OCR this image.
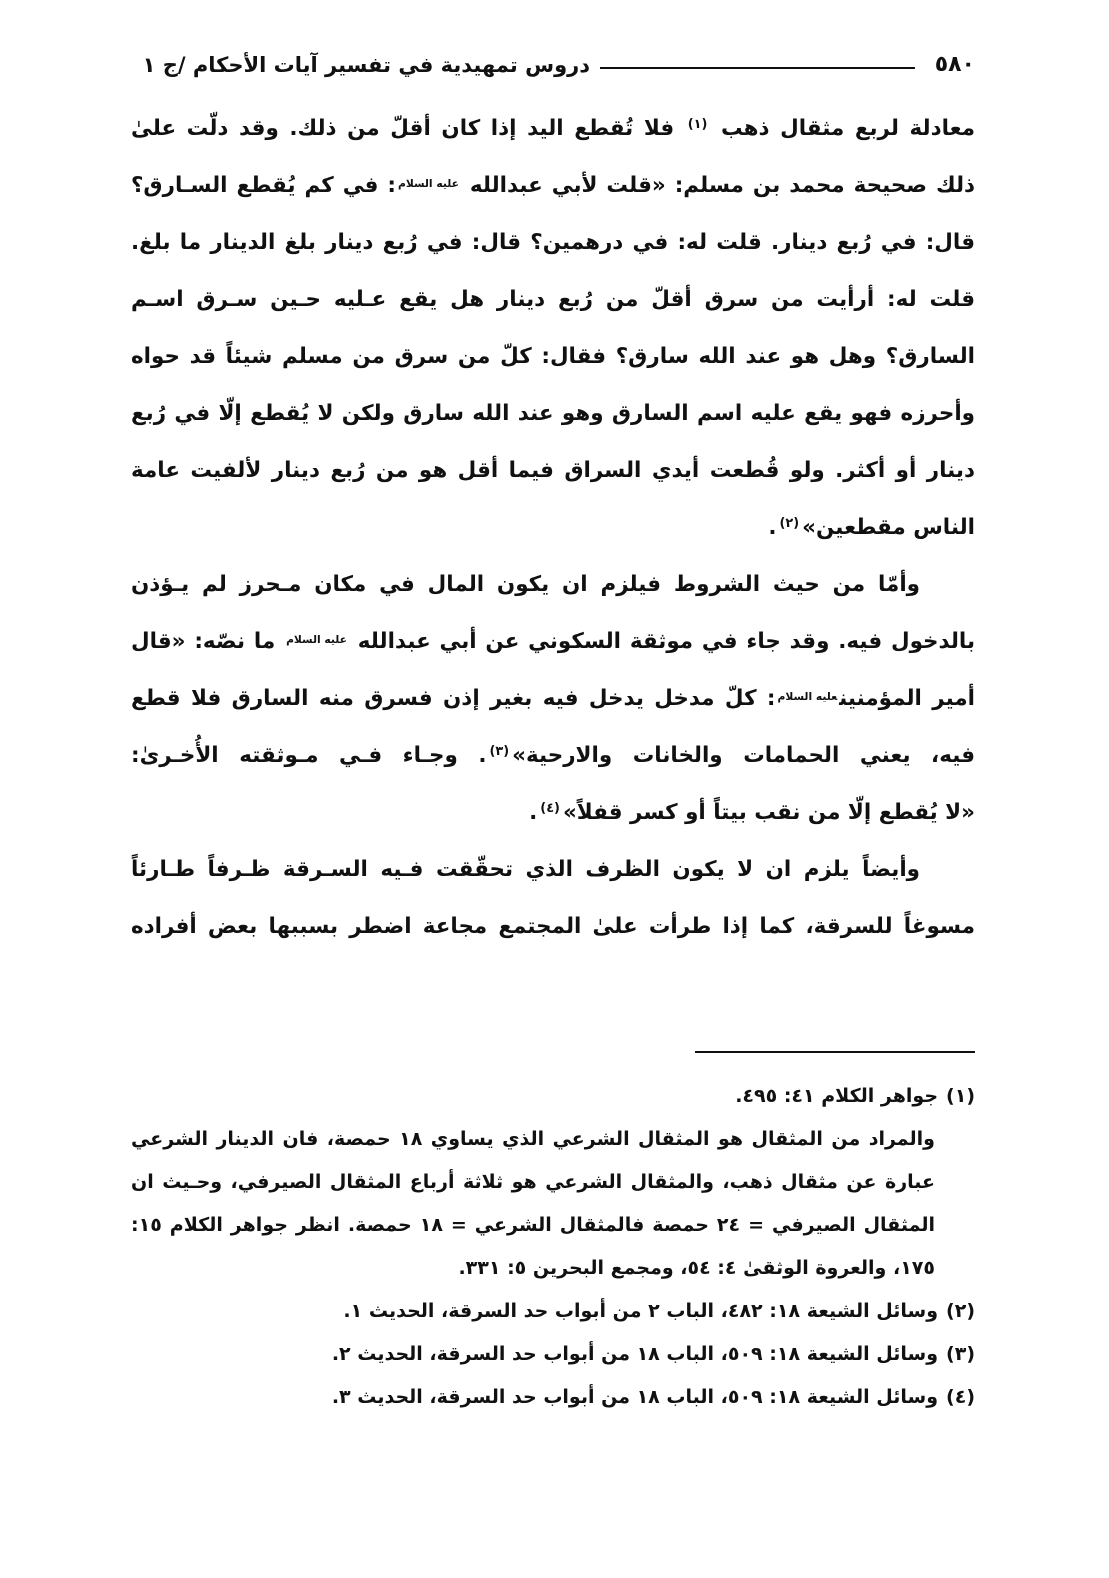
٥٨٠
دروس تمهيدية في تفسير آيات الأحكام /ج ١
معادلة لربع مثقال ذهب $^{(١)}$ فلا تُقطع اليد إذا كان أقلّ من ذلك. وقد دلّت علىٰ
ذلك صحيحة محمد بن مسلم: «قلت لأبي عبدالله $^{عليه السلام}$: في كم يُقطع السـارق؟
قال: في رُبع دينار. قلت له: في درهمين؟ قال: في رُبع دينار بلغ الدينار ما بلغ.
قلت له: أرأيت من سرق أقلّ من رُبع دينار هل يقع عـليه حـين سـرق اسـم
السارق؟ وهل هو عند الله سارق؟ فقال: كلّ من سرق من مسلم شيئاً قد حواه
وأحرزه فهو يقع عليه اسم السارق وهو عند الله سارق ولكن لا يُقطع إلّا في رُبع
دينار أو أكثر. ولو قُطعت أيدي السراق فيما أقل هو من رُبع دينار لألفيت عامة
الناس مقطعين»$^{(٢)}$.
وأمّا من حيث الشروط فيلزم ان يكون المال في مكان مـحرز لم يـؤذن
بالدخول فيه. وقد جاء في موثقة السكوني عن أبي عبدالله $^{عليه السلام}$ ما نصّه: «قال
أمير المؤمنين$^{عليه السلام}$: كلّ مدخل يدخل فيه بغير إذن فسرق منه السارق فلا قطع
فيه، يعني الحمامات والخانات والارحية»$^{(٣)}$. وجـاء فـي مـوثقته الأُخـرىٰ:
«لا يُقطع إلّا من نقب بيتاً أو كسر قفلاً»$^{(٤)}$.
وأيضاً يلزم ان لا يكون الظرف الذي تحقّقت فـيه السـرقة ظـرفاً طـارئاً
مسوغاً للسرقة، كما إذا طرأت علىٰ المجتمع مجاعة اضطر بسببها بعض أفراده
(١)جواهر الكلام ٤١: ٤٩٥.
والمراد من المثقال هو المثقال الشرعي الذي يساوي ١٨ حمصة، فان الدينار الشرعي
عبارة عن مثقال ذهب، والمثقال الشرعي هو ثلاثة أرباع المثقال الصيرفي، وحـيث ان
المثقال الصيرفي = ٢٤ حمصة فالمثقال الشرعي = ١٨ حمصة. انظر جواهر الكلام ١٥:
١٧٥، والعروة الوثقىٰ ٤: ٥٤، ومجمع البحرين ٥: ٣٣١.
(٢)وسائل الشيعة ١٨: ٤٨٢، الباب ٢ من أبواب حد السرقة، الحديث ١.
(٣)وسائل الشيعة ١٨: ٥٠٩، الباب ١٨ من أبواب حد السرقة، الحديث ٢.
(٤)وسائل الشيعة ١٨: ٥٠٩، الباب ١٨ من أبواب حد السرقة، الحديث ٣.
